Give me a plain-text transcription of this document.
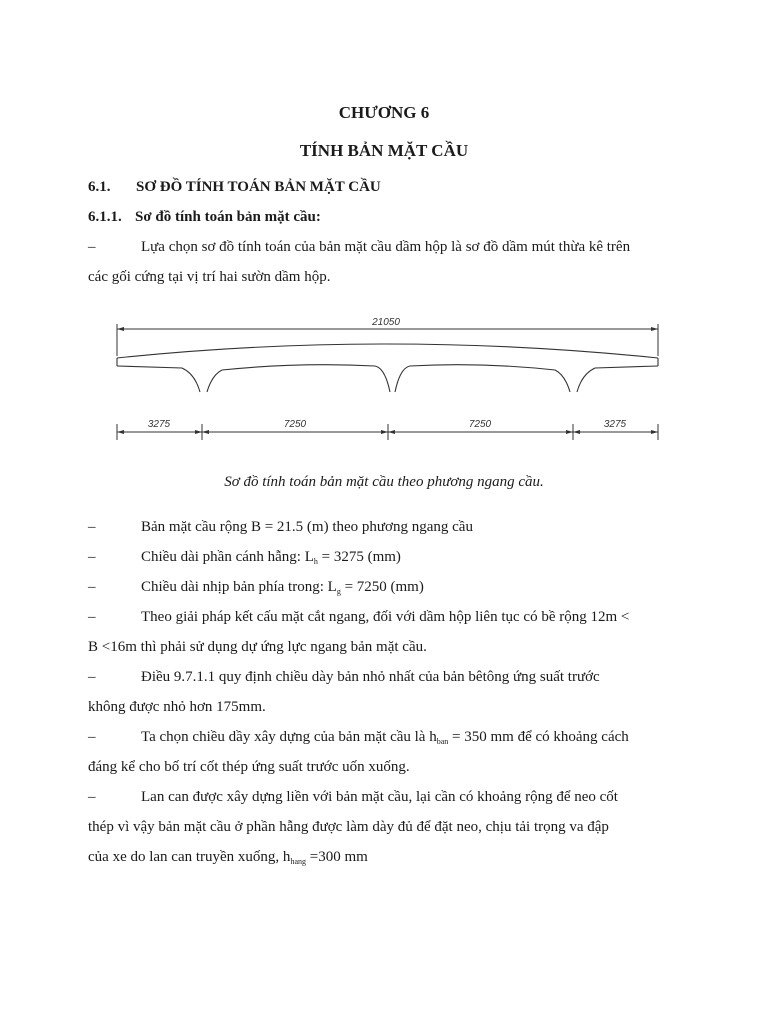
CHƯƠNG 6
TÍNH BẢN MẶT CẦU
6.1. SƠ ĐỒ TÍNH TOÁN BẢN MẶT CẦU
6.1.1. Sơ đồ tính toán bản mặt cầu:
–	Lựa chọn sơ đồ tính toán của bản mặt cầu dầm hộp là sơ đồ dầm mút thừa kê trên
các gối cứng tại vị trí hai sườn dầm hộp.
21050
3275	7250	7250	3275
Sơ đồ tính toán bản mặt cầu theo phương ngang cầu.
–	Bản mặt cầu rộng B = 21.5 (m) theo phương ngang cầu
–	Chiều dài phần cánh hẫng: $L_h = 3275$ (mm)
–	Chiều dài nhịp bản phía trong: $L_g = 7250$ (mm)
–	Theo giải pháp kết cấu mặt cắt ngang, đối với dầm hộp liên tục có bề rộng 12m <
B <16m thì phải sử dụng dự ứng lực ngang bản mặt cầu.
–	Điều 9.7.1.1 quy định chiều dày bản nhỏ nhất của bản bêtông ứng suất trước
không được nhỏ hơn 175mm.
–	Ta chọn chiều dầy xây dựng của bản mặt cầu là $h_{ban} = 350$ mm để có khoảng cách
đáng kể cho bố trí cốt thép ứng suất trước uốn xuống.
–	Lan can được xây dựng liền với bản mặt cầu, lại cần có khoảng rộng để neo cốt
thép vì vậy bản mặt cầu ở phần hẫng được làm dày đủ để đặt neo, chịu tải trọng va đập
của xe do lan can truyền xuống, $h_{hang} =300$ mm
